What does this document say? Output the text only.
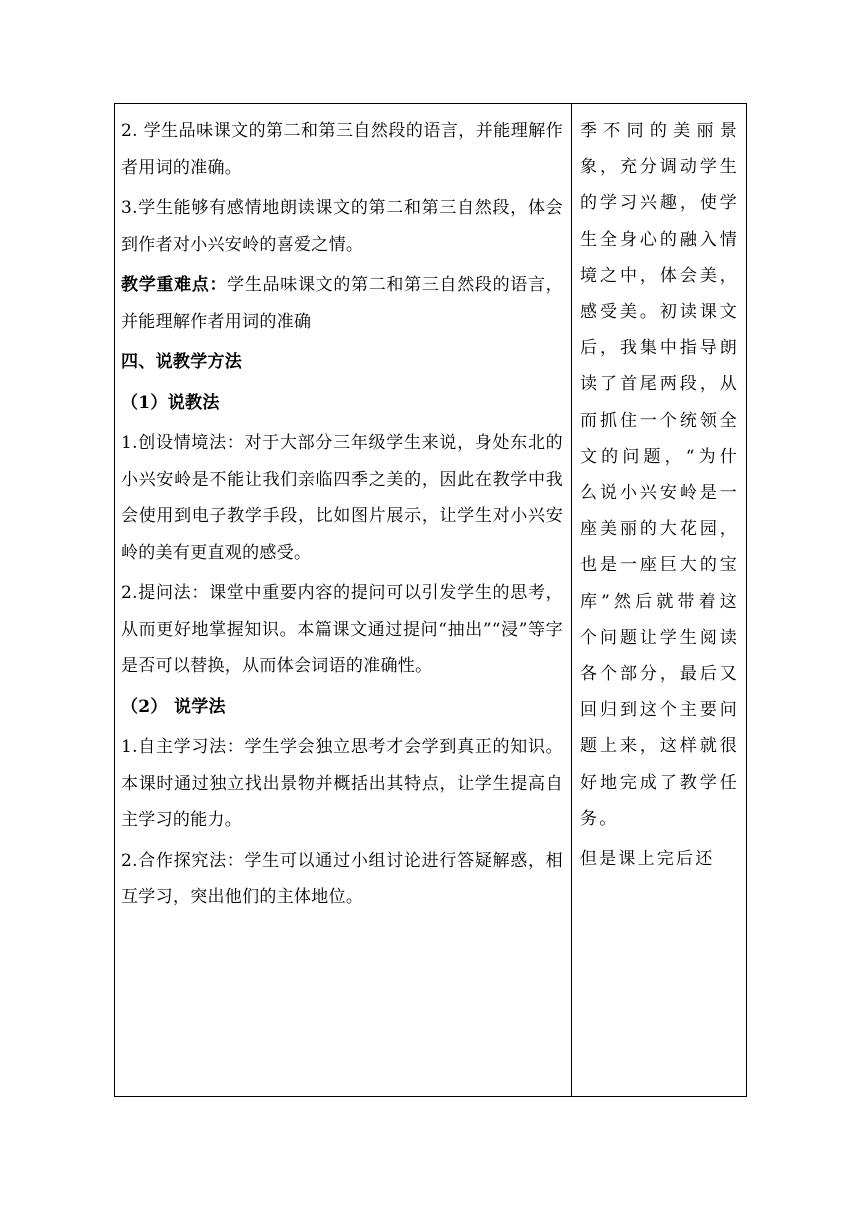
2. 学生品味课文的第二和第三自然段的语言，并能理解作者用词的准确。

3.学生能够有感情地朗读课文的第二和第三自然段，体会到作者对小兴安岭的喜爱之情。

教学重难点：学生品味课文的第二和第三自然段的语言，并能理解作者用词的准确

四、说教学方法

（1）说教法

1.创设情境法：对于大部分三年级学生来说，身处东北的小兴安岭是不能让我们亲临四季之美的，因此在教学中我会使用到电子教学手段，比如图片展示，让学生对小兴安岭的美有更直观的感受。

2.提问法：课堂中重要内容的提问可以引发学生的思考，从而更好地掌握知识。本篇课文通过提问“抽出”“浸”等字是否可以替换，从而体会词语的准确性。

（2） 说学法

1.自主学习法：学生学会独立思考才会学到真正的知识。本课时通过独立找出景物并概括出其特点，让学生提高自主学习的能力。

2.合作探究法：学生可以通过小组讨论进行答疑解惑，相互学习，突出他们的主体地位。

季不同的美丽景象，充分调动学生的学习兴趣，使学生全身心的融入情境之中，体会美，感受美。初读课文后，我集中指导朗读了首尾两段，从而抓住一个统领全文的问题，“为什么说小兴安岭是一座美丽的大花园，也是一座巨大的宝库”然后就带着这个问题让学生阅读各个部分，最后又回归到这个主要问题上来，这样就很好地完成了教学任务。

但是课上完后还
